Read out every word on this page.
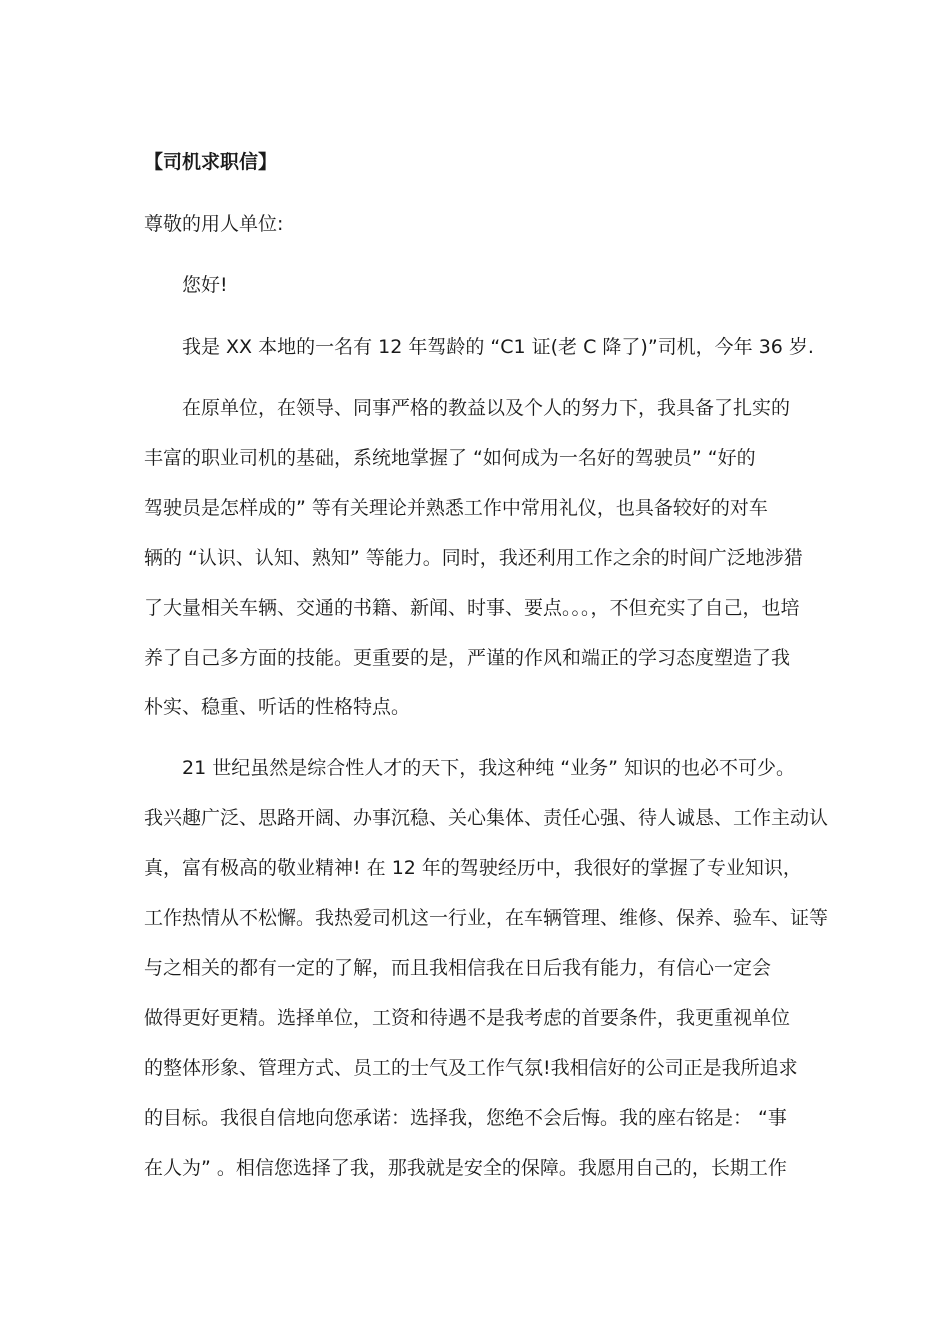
【司机求职信】
尊敬的用人单位:
您好!
我是 XX 本地的一名有 12 年驾龄的 “C1 证(老 C 降了)”司机，今年 36 岁.
在原单位，在领导、同事严格的教益以及个人的努力下，我具备了扎实的
丰富的职业司机的基础，系统地掌握了 “如何成为一名好的驾驶员” “好的
驾驶员是怎样成的” 等有关理论并熟悉工作中常用礼仪，也具备较好的对车
辆的 “认识、认知、熟知” 等能力。同时，我还利用工作之余的时间广泛地涉猎
了大量相关车辆、交通的书籍、新闻、时事、要点。。。，不但充实了自己，也培
养了自己多方面的技能。更重要的是，严谨的作风和端正的学习态度塑造了我
朴实、稳重、听话的性格特点。
21 世纪虽然是综合性人才的天下，我这种纯 “业务” 知识的也必不可少。
我兴趣广泛、思路开阔、办事沉稳、关心集体、责任心强、待人诚恳、工作主动认
真，富有极高的敬业精神! 在 12 年的驾驶经历中，我很好的掌握了专业知识，
工作热情从不松懈。我热爱司机这一行业，在车辆管理、维修、保养、验车、证等
与之相关的都有一定的了解，而且我相信我在日后我有能力，有信心一定会
做得更好更精。选择单位，工资和待遇不是我考虑的首要条件，我更重视单位
的整体形象、管理方式、员工的士气及工作气氛!我相信好的公司正是我所追求
的目标。我很自信地向您承诺：选择我，您绝不会后悔。我的座右铭是： “事
在人为” 。相信您选择了我，那我就是安全的保障。我愿用自己的，长期工作
